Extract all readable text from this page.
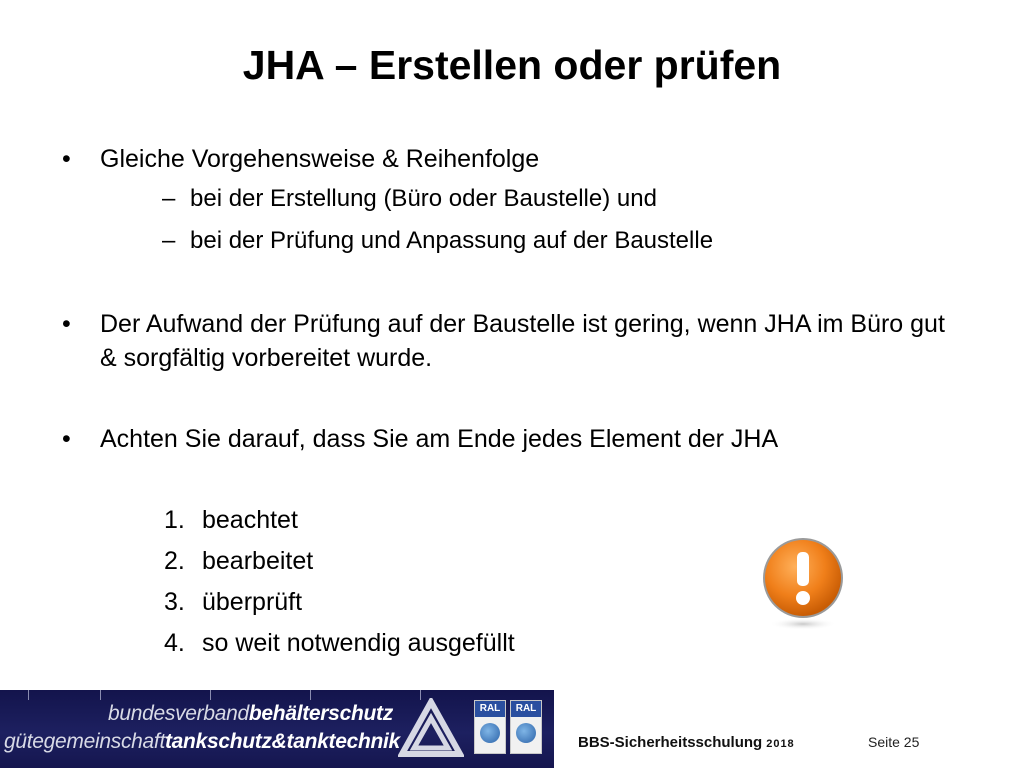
JHA – Erstellen oder prüfen
•	Gleiche Vorgehensweise & Reihenfolge
– bei der Erstellung (Büro oder Baustelle) und
– bei der Prüfung und Anpassung auf der Baustelle
•	Der Aufwand der Prüfung auf der Baustelle ist gering, wenn JHA im Büro gut & sorgfältig vorbereitet wurde.
•	Achten Sie darauf, dass Sie am Ende jedes Element der JHA
1. beachtet
2. bearbeitet
3. überprüft
4. so weit notwendig ausgefüllt
bundesverbandbehälterschutz
gütegemeinschafttankschutz&tanktechnik
RAL	RAL
BBS-Sicherheitsschulung 2018	Seite 25
